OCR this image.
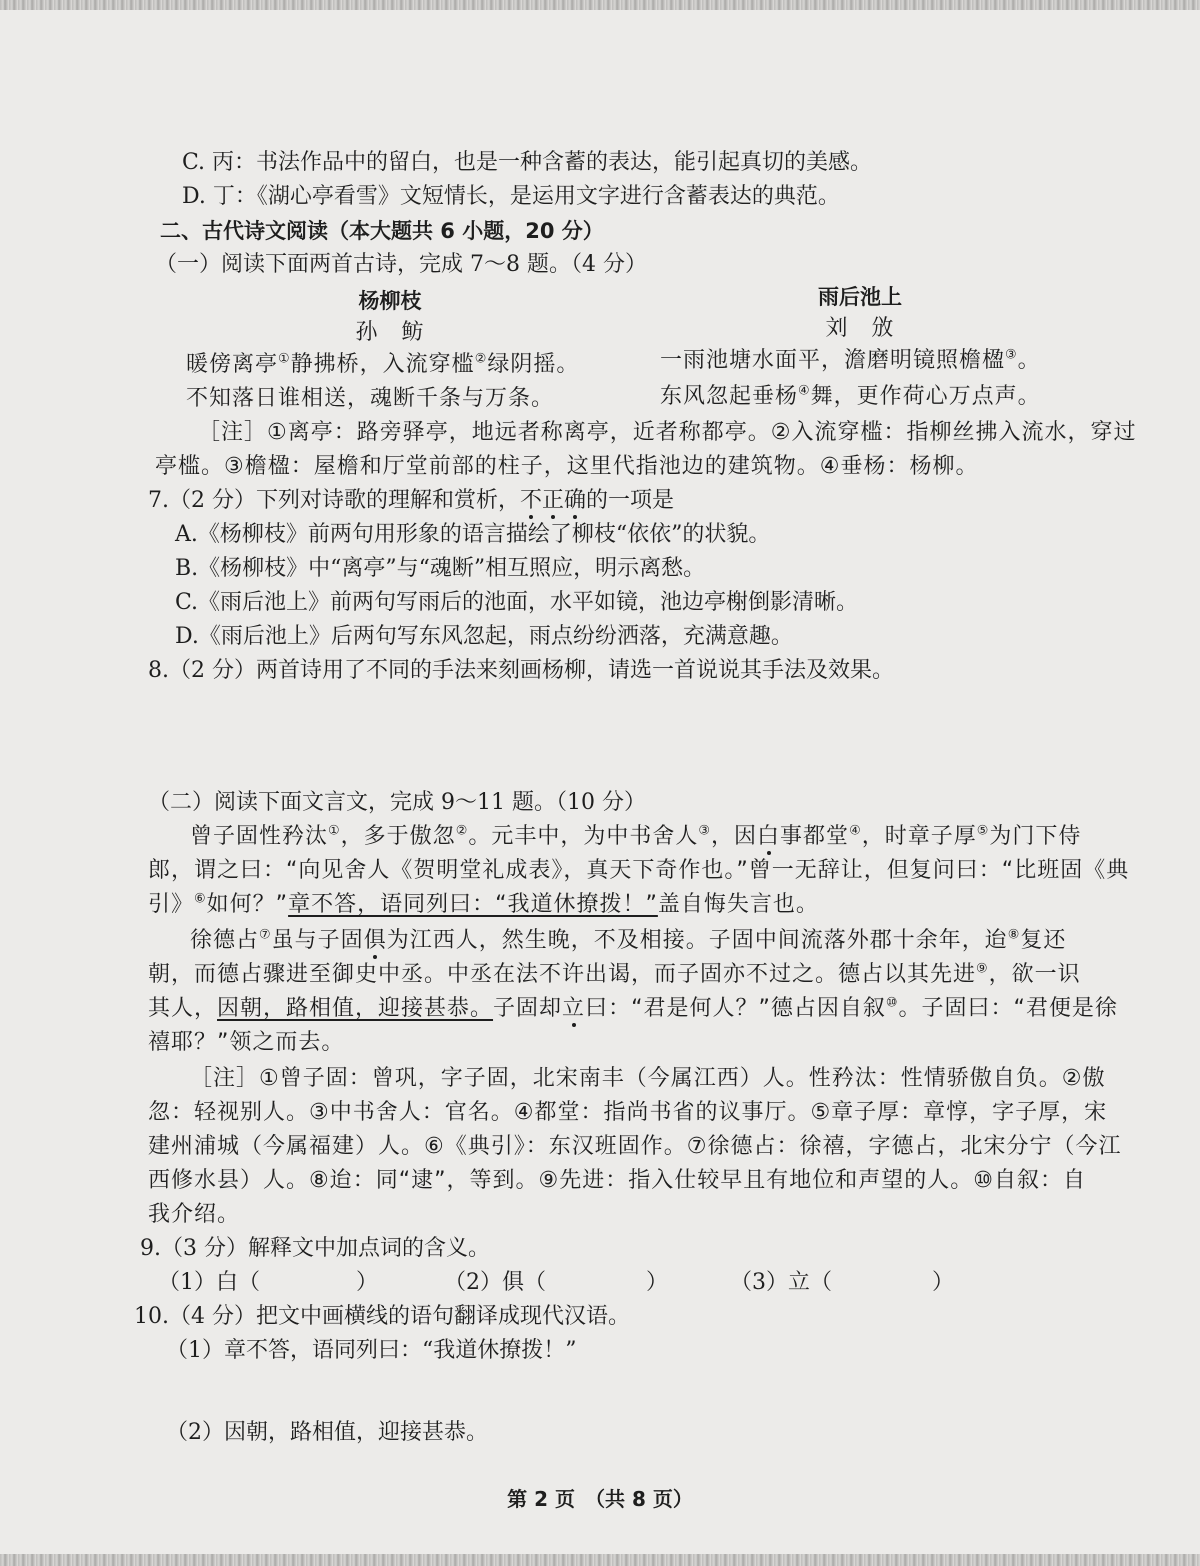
C. 丙：书法作品中的留白，也是一种含蓄的表达，能引起真切的美感。

D. 丁：《湖心亭看雪》文短情长，是运用文字进行含蓄表达的典范。

二、古代诗文阅读（本大题共 6 小题，20 分）

（一）阅读下面两首古诗，完成 7～8 题。（4 分）

杨柳枝

孙　鲂

暖傍离亭①静拂桥，入流穿槛②绿阴摇。

不知落日谁相送，魂断千条与万条。

雨后池上

刘　攽

一雨池塘水面平，澹磨明镜照檐楹③。

东风忽起垂杨④舞，更作荷心万点声。

［注］①离亭：路旁驿亭，地远者称离亭，近者称都亭。②入流穿槛：指柳丝拂入流水，穿过

亭槛。③檐楹：屋檐和厅堂前部的柱子，这里代指池边的建筑物。④垂杨：杨柳。

7.（2 分）下列对诗歌的理解和赏析，不正确的一项是

A.《杨柳枝》前两句用形象的语言描绘了柳枝“依依”的状貌。

B.《杨柳枝》中“离亭”与“魂断”相互照应，明示离愁。

C.《雨后池上》前两句写雨后的池面，水平如镜，池边亭榭倒影清晰。

D.《雨后池上》后两句写东风忽起，雨点纷纷洒落，充满意趣。

8.（2 分）两首诗用了不同的手法来刻画杨柳，请选一首说说其手法及效果。

（二）阅读下面文言文，完成 9～11 题。（10 分）

曾子固性矜汰①，多于傲忽②。元丰中，为中书舍人③，因白事都堂④，时章子厚⑤为门下侍

郎，谓之曰：“向见舍人《贺明堂礼成表》，真天下奇作也。”曾一无辞让，但复问曰：“比班固《典

引》⑥如何？”章不答，语同列曰：“我道休撩拨！”盖自悔失言也。

徐德占⑦虽与子固俱为江西人，然生晚，不及相接。子固中间流落外郡十余年，迨⑧复还

朝，而德占骤进至御史中丞。中丞在法不许出谒，而子固亦不过之。德占以其先进⑨，欲一识

其人，因朝，路相值，迎接甚恭。子固却立曰：“君是何人？”德占因自叙⑩。子固曰：“君便是徐

禧耶？”领之而去。

［注］①曾子固：曾巩，字子固，北宋南丰（今属江西）人。性矜汰：性情骄傲自负。②傲

忽：轻视别人。③中书舍人：官名。④都堂：指尚书省的议事厅。⑤章子厚：章惇，字子厚，宋

建州浦城（今属福建）人。⑥《典引》：东汉班固作。⑦徐德占：徐禧，字德占，北宋分宁（今江

西修水县）人。⑧迨：同“逮”，等到。⑨先进：指入仕较早且有地位和声望的人。⑩自叙：自

我介绍。

9.（3 分）解释文中加点词的含义。

（1）白（	）	（2）俱（	）	（3）立（	）

10.（4 分）把文中画横线的语句翻译成现代汉语。

（1）章不答，语同列曰：“我道休撩拨！”

（2）因朝，路相值，迎接甚恭。

第 2 页　（共 8 页）
